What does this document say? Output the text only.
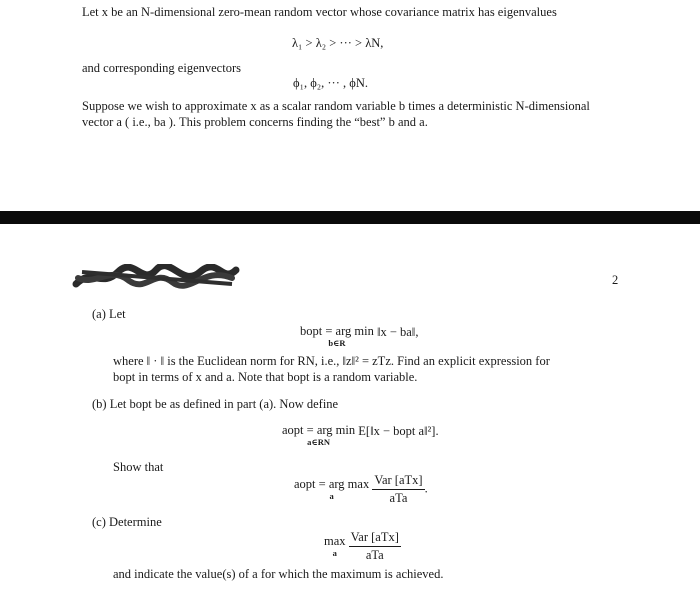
Let x be an N-dimensional zero-mean random vector whose covariance matrix has eigenvalues
λ₁ > λ₂ > ··· > λN,
and corresponding eigenvectors
ϕ₁, ϕ₂, ··· , ϕN.
Suppose we wish to approximate x as a scalar random variable b times a deterministic N-dimensional
vector a ( i.e., ba ). This problem concerns finding the “best” b and a.
2
(a) Let
bopt = arg min
b∈R
‖x − ba‖,
where ‖ · ‖ is the Euclidean norm for RN, i.e., ‖z‖² = zTz. Find an explicit expression for
bopt in terms of x and a. Note that bopt is a random variable.
(b) Let bopt be as defined in part (a). Now define
aopt = arg min
a∈RN
E[‖x − bopt a‖²].
Show that
aopt = arg max
a
	$\frac{\text{Var [aTx]}}{\text{aTa}}$ .
(c) Determine
max
a
$\frac{\text{Var [aTx]}}{\text{aTa}}$
and indicate the value(s) of a for which the maximum is achieved.
